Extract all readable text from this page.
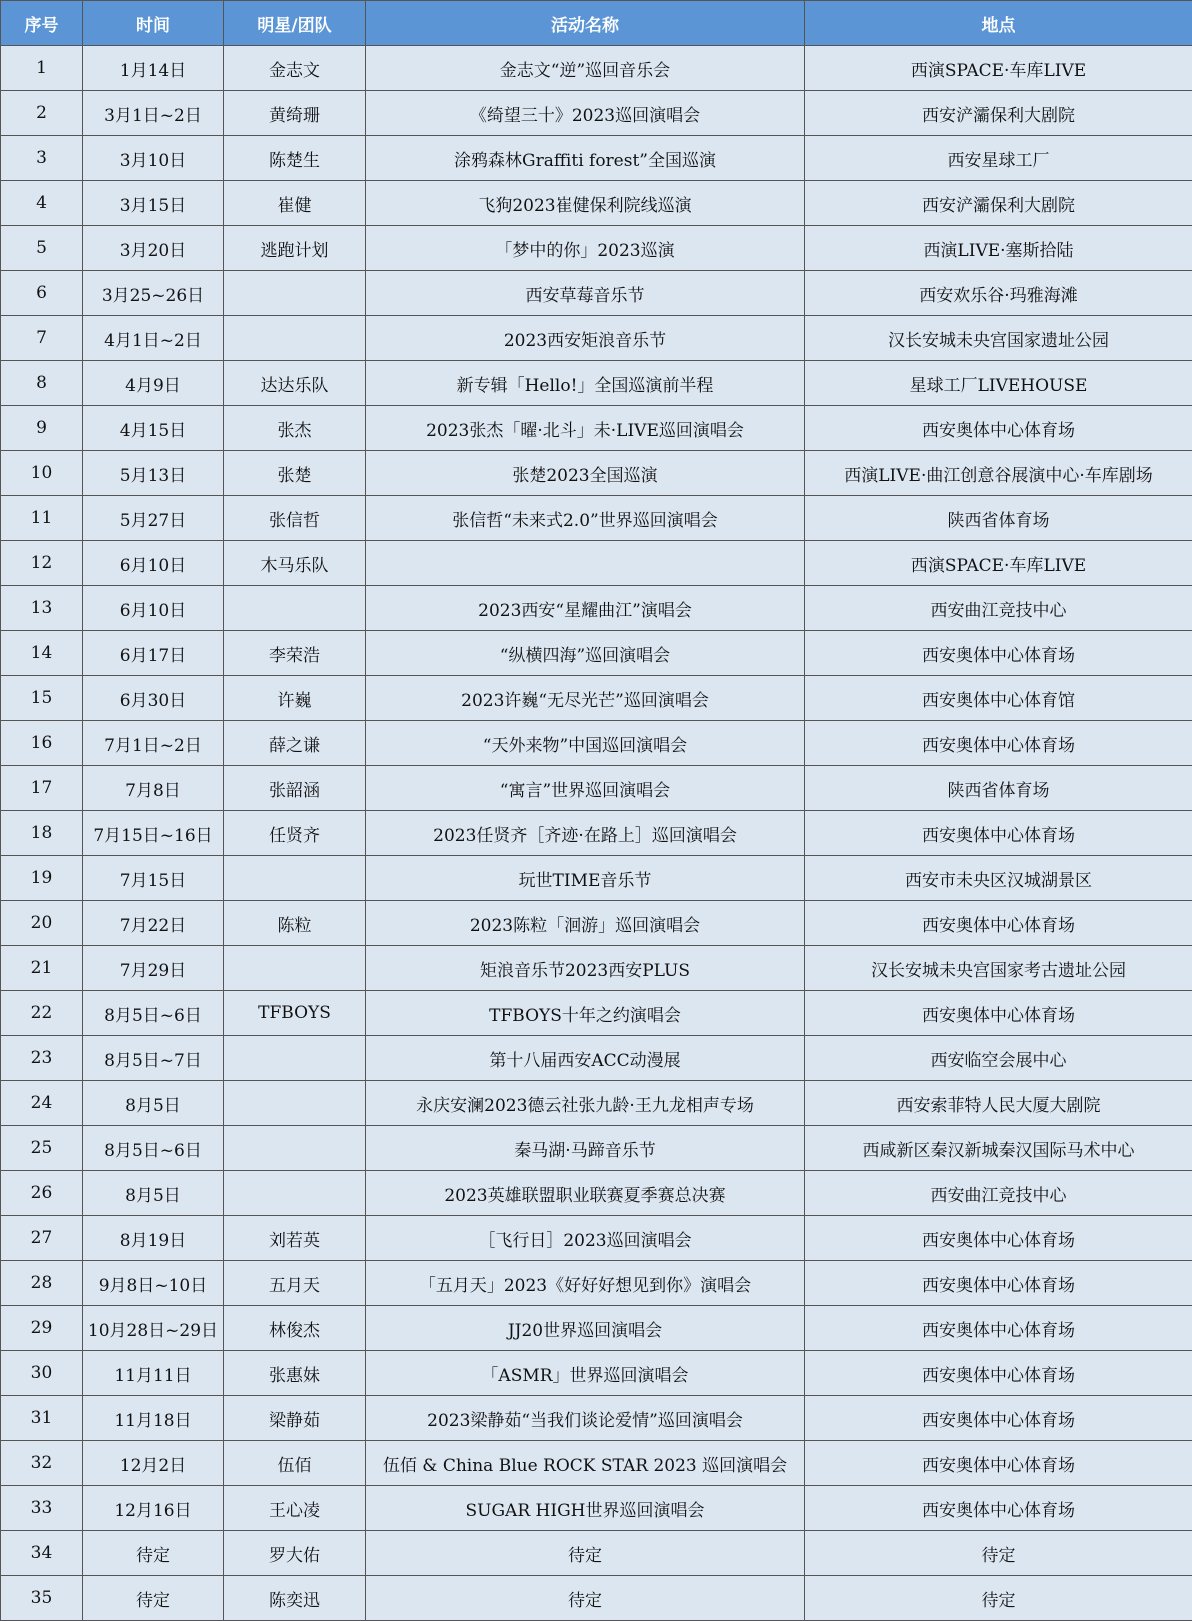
序号	时间	明星/团队	活动名称	地点
1	1月14日	金志文	金志文“逆”巡回音乐会	西演SPACE·车库LIVE
2	3月1日~2日	黄绮珊	《绮望三十》2023巡回演唱会	西安浐灞保利大剧院
3	3月10日	陈楚生	涂鸦森林Graffiti forest”全国巡演	西安星球工厂
4	3月15日	崔健	飞狗2023崔健保利院线巡演	西安浐灞保利大剧院
5	3月20日	逃跑计划	「梦中的你」2023巡演	西演LIVE·塞斯拾陆
6	3月25~26日		西安草莓音乐节	西安欢乐谷·玛雅海滩
7	4月1日~2日		2023西安矩浪音乐节	汉长安城未央宫国家遗址公园
8	4月9日	达达乐队	新专辑「Hello!」全国巡演前半程	星球工厂LIVEHOUSE
9	4月15日	张杰	2023张杰「曜·北斗」未·LIVE巡回演唱会	西安奥体中心体育场
10	5月13日	张楚	张楚2023全国巡演	西演LIVE·曲江创意谷展演中心·车库剧场
11	5月27日	张信哲	张信哲“未来式2.0”世界巡回演唱会	陕西省体育场
12	6月10日	木马乐队		西演SPACE·车库LIVE
13	6月10日		2023西安“星耀曲江”演唱会	西安曲江竞技中心
14	6月17日	李荣浩	“纵横四海”巡回演唱会	西安奥体中心体育场
15	6月30日	许巍	2023许巍“无尽光芒”巡回演唱会	西安奥体中心体育馆
16	7月1日~2日	薛之谦	“天外来物”中国巡回演唱会	西安奥体中心体育场
17	7月8日	张韶涵	“寓言”世界巡回演唱会	陕西省体育场
18	7月15日~16日	任贤齐	2023任贤齐［齐迹·在路上］巡回演唱会	西安奥体中心体育场
19	7月15日		玩世TIME音乐节	西安市未央区汉城湖景区
20	7月22日	陈粒	2023陈粒「洄游」巡回演唱会	西安奥体中心体育场
21	7月29日		矩浪音乐节2023西安PLUS	汉长安城未央宫国家考古遗址公园
22	8月5日~6日	TFBOYS	TFBOYS十年之约演唱会	西安奥体中心体育场
23	8月5日~7日		第十八届西安ACC动漫展	西安临空会展中心
24	8月5日		永庆安澜2023德云社张九龄·王九龙相声专场	西安索菲特人民大厦大剧院
25	8月5日~6日		秦马湖·马蹄音乐节	西咸新区秦汉新城秦汉国际马术中心
26	8月5日		2023英雄联盟职业联赛夏季赛总决赛	西安曲江竞技中心
27	8月19日	刘若英	［飞行日］2023巡回演唱会	西安奥体中心体育场
28	9月8日~10日	五月天	「五月天」2023《好好好想见到你》演唱会	西安奥体中心体育场
29	10月28日~29日	林俊杰	JJ20世界巡回演唱会	西安奥体中心体育场
30	11月11日	张惠妹	「ASMR」世界巡回演唱会	西安奥体中心体育场
31	11月18日	梁静茹	2023梁静茹“当我们谈论爱情”巡回演唱会	西安奥体中心体育场
32	12月2日	伍佰	伍佰 & China Blue ROCK STAR 2023 巡回演唱会	西安奥体中心体育场
33	12月16日	王心凌	SUGAR HIGH世界巡回演唱会	西安奥体中心体育场
34	待定	罗大佑	待定	待定
35	待定	陈奕迅	待定	待定
